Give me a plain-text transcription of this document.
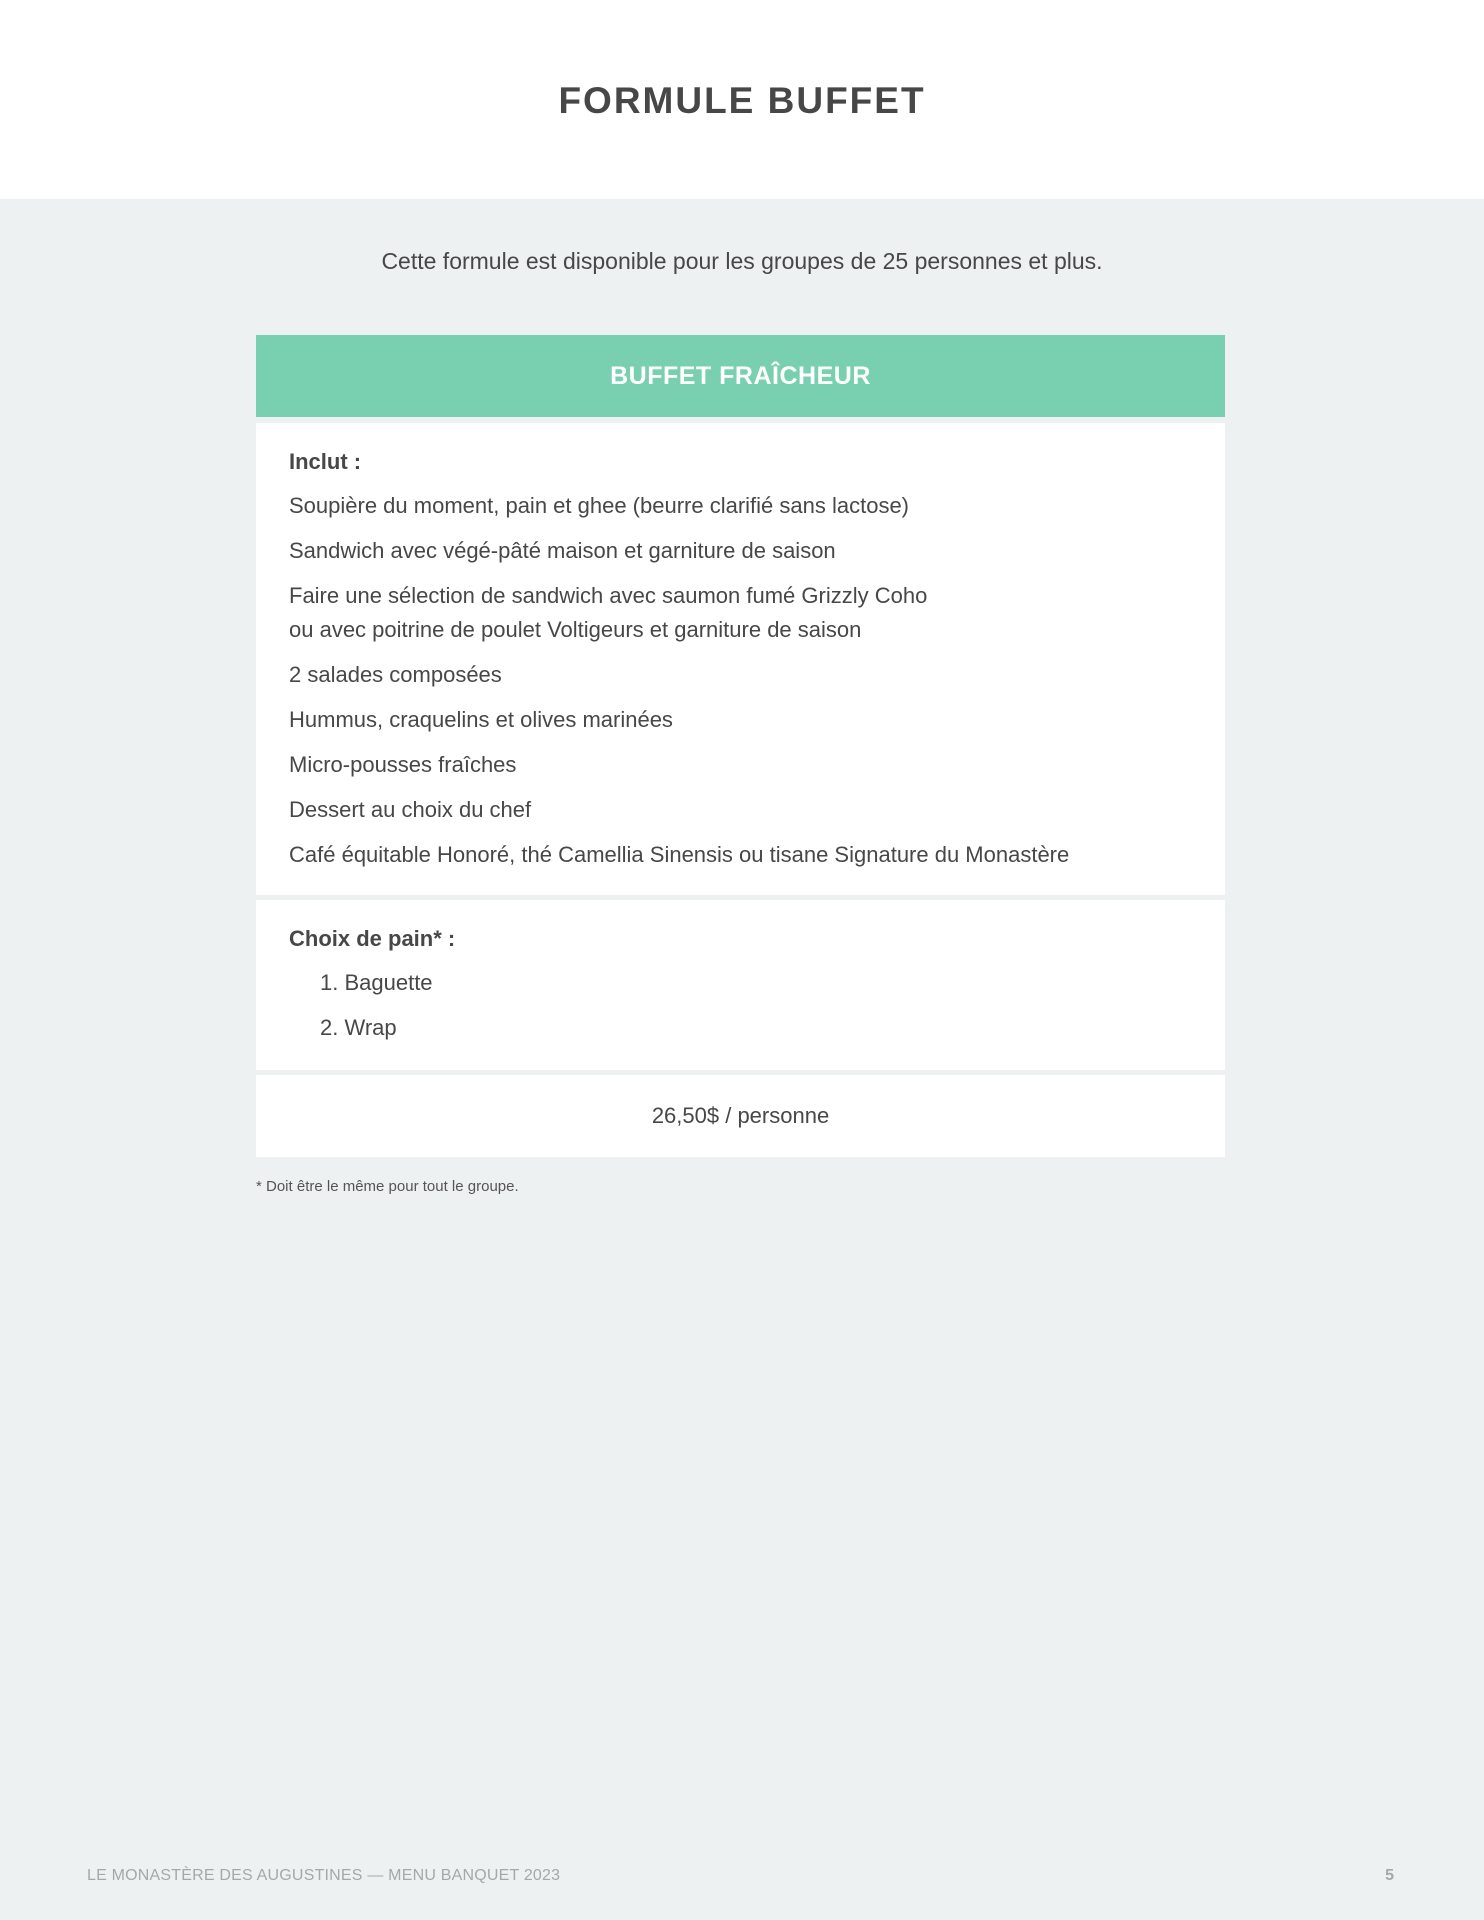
FORMULE BUFFET
Cette formule est disponible pour les groupes de 25 personnes et plus.
BUFFET FRAÎCHEUR
Inclut :
Soupière du moment, pain et ghee (beurre clarifié sans lactose)
Sandwich avec végé-pâté maison et garniture de saison
Faire une sélection de sandwich avec saumon fumé Grizzly Coho
ou avec poitrine de poulet Voltigeurs et garniture de saison
2 salades composées
Hummus, craquelins et olives marinées
Micro-pousses fraîches
Dessert au choix du chef
Café équitable Honoré, thé Camellia Sinensis ou tisane Signature du Monastère
Choix de pain* :
1. Baguette
2. Wrap
26,50$ / personne
* Doit être le même pour tout le groupe.
LE MONASTÈRE DES AUGUSTINES — MENU BANQUET 2023	5
